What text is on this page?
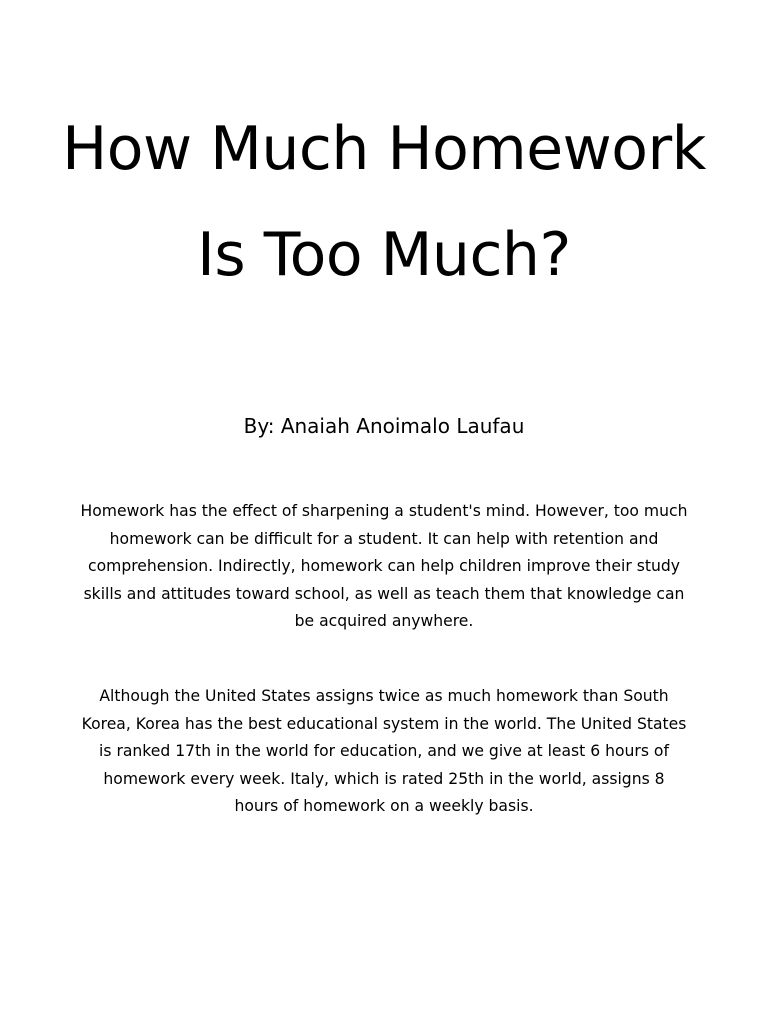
How Much Homework Is Too Much?

By: Anaiah Anoimalo Laufau

Homework has the effect of sharpening a student's mind. However, too much homework can be difficult for a student. It can help with retention and comprehension. Indirectly, homework can help children improve their study skills and attitudes toward school, as well as teach them that knowledge can be acquired anywhere.

Although the United States assigns twice as much homework than South Korea, Korea has the best educational system in the world. The United States is ranked 17th in the world for education, and we give at least 6 hours of homework every week. Italy, which is rated 25th in the world, assigns 8 hours of homework on a weekly basis.
